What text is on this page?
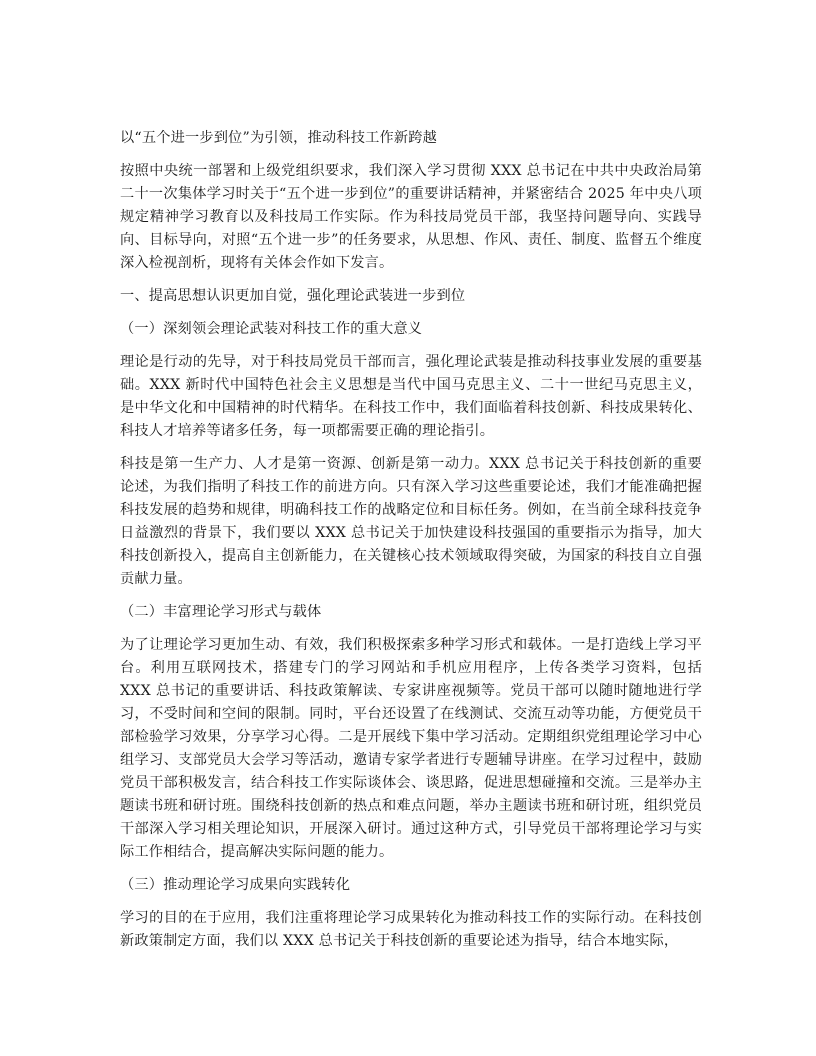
以“五个进一步到位”为引领，推动科技工作新跨越

按照中央统一部署和上级党组织要求，我们深入学习贯彻 XXX 总书记在中共中央政治局第二十一次集体学习时关于“五个进一步到位”的重要讲话精神，并紧密结合 2025 年中央八项规定精神学习教育以及科技局工作实际。作为科技局党员干部，我坚持问题导向、实践导向、目标导向，对照“五个进一步”的任务要求，从思想、作风、责任、制度、监督五个维度深入检视剖析，现将有关体会作如下发言。

一、提高思想认识更加自觉，强化理论武装进一步到位

（一）深刻领会理论武装对科技工作的重大意义

理论是行动的先导，对于科技局党员干部而言，强化理论武装是推动科技事业发展的重要基础。XXX 新时代中国特色社会主义思想是当代中国马克思主义、二十一世纪马克思主义，是中华文化和中国精神的时代精华。在科技工作中，我们面临着科技创新、科技成果转化、科技人才培养等诸多任务，每一项都需要正确的理论指引。

科技是第一生产力、人才是第一资源、创新是第一动力。XXX 总书记关于科技创新的重要论述，为我们指明了科技工作的前进方向。只有深入学习这些重要论述，我们才能准确把握科技发展的趋势和规律，明确科技工作的战略定位和目标任务。例如，在当前全球科技竞争日益激烈的背景下，我们要以 XXX 总书记关于加快建设科技强国的重要指示为指导，加大科技创新投入，提高自主创新能力，在关键核心技术领域取得突破，为国家的科技自立自强贡献力量。

（二）丰富理论学习形式与载体

为了让理论学习更加生动、有效，我们积极探索多种学习形式和载体。一是打造线上学习平台。利用互联网技术，搭建专门的学习网站和手机应用程序，上传各类学习资料，包括 XXX 总书记的重要讲话、科技政策解读、专家讲座视频等。党员干部可以随时随地进行学习，不受时间和空间的限制。同时，平台还设置了在线测试、交流互动等功能，方便党员干部检验学习效果，分享学习心得。二是开展线下集中学习活动。定期组织党组理论学习中心组学习、支部党员大会学习等活动，邀请专家学者进行专题辅导讲座。在学习过程中，鼓励党员干部积极发言，结合科技工作实际谈体会、谈思路，促进思想碰撞和交流。三是举办主题读书班和研讨班。围绕科技创新的热点和难点问题，举办主题读书班和研讨班，组织党员干部深入学习相关理论知识，开展深入研讨。通过这种方式，引导党员干部将理论学习与实际工作相结合，提高解决实际问题的能力。

（三）推动理论学习成果向实践转化

学习的目的在于应用，我们注重将理论学习成果转化为推动科技工作的实际行动。在科技创新政策制定方面，我们以 XXX 总书记关于科技创新的重要论述为指导，结合本地实际，
